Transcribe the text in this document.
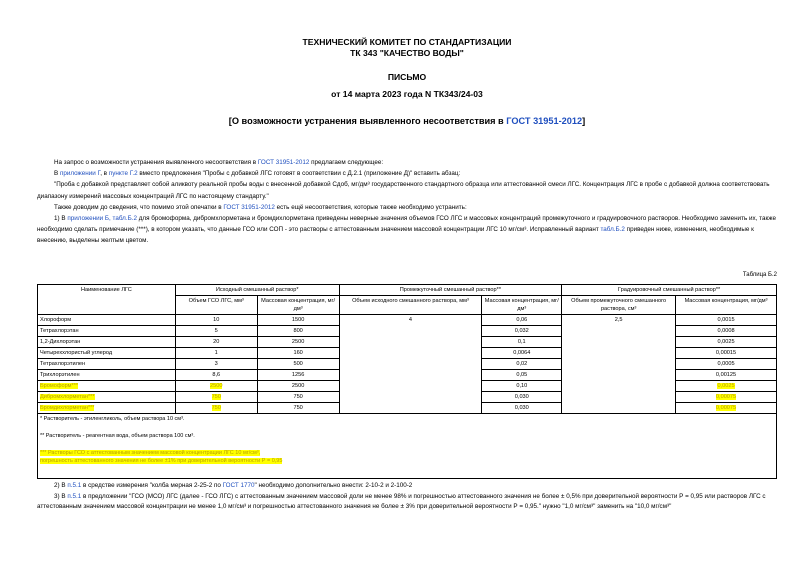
ТЕХНИЧЕСКИЙ КОМИТЕТ ПО СТАНДАРТИЗАЦИИ
ТК 343 "КАЧЕСТВО ВОДЫ"
ПИСЬМО
от 14 марта 2023 года N ТК343/24-03
[О возможности устранения выявленного несоответствия в ГОСТ 31951-2012]
На запрос о возможности устранения выявленного несоответствия в ГОСТ 31951-2012 предлагаем следующее:
В приложении Г, в пункте Г.2 вместо предложения "Пробы с добавкой ЛГС готовят в соответствии с Д.2.1 (приложение Д)" вставить абзац:
"Проба с добавкой представляет собой аликвоту реальной пробы воды с внесенной добавкой Сдоб, мг/дм³ государственного стандартного образца или аттестованной смеси ЛГС. Концентрация ЛГС в пробе с добавкой должна соответствовать диапазону измерений массовых концентраций ЛГС по настоящему стандарту."
Также доводим до сведения, что помимо этой опечатки в ГОСТ 31951-2012 есть ещё несоответствия, которые также необходимо устранить:
1) В приложении Б, табл.Б.2 для бромоформа, дибромхлорметана и бромдихлорметана приведены неверные значения объемов ГСО ЛГС и массовых концентраций промежуточного и градуировочного растворов. Необходимо заменить их, также необходимо сделать примечание (***), в котором указать, что данные ГСО или СОП - это растворы с аттестованным значением массовой концентрации ЛГС 10 мг/см³. Исправленный вариант табл.Б.2 приведен ниже, изменения, необходимые к внесению, выделены желтым цветом.
Таблица Б.2
Наименование ЛГС	Исходный смешанный раствор*		Промежуточный смешанный раствор**		Градуировочный смешанный раствор**	
	Объем ГСО ЛГС, мм³	Массовая концентрация, мг/дм³	Объем исходного смешанного раствора, мм³	Массовая концентрация, мг/дм³	Объем промежуточного смешанного раствора, см³	Массовая концентрация, мг/дм³
Хлороформ	10	1500	4	0,06	2,5	0,0015
Тетрахлорэтан	5	800		0,032		0,0008
1,2-Дихлорэтан	20	2500		0,1		0,0025
Четыреххлористый углерод	1	160		0,0064		0,00015
Тетрахлорэтилен	3	500		0,02		0,0005
Трихлорэтилен	8,6	1256		0,05		0,00125
Бромоформ***	2500	2500		0,10		0,0025
Дибромхлорметан***	750	750		0,030		0,00075
Бромдихлорметан***	750	750		0,030		0,00075

* Растворитель - этиленгликоль, объем раствора 10 см³.
** Растворитель - реагентная вода, объем раствора 100 см³.
*** Растворы ГСО с аттестованным значением массовой концентрации ЛГС 10 мг/см³,
погрешность аттестованного значения не более ±1% при доверительной вероятности Р = 0,95						
2) В п.5.1 в средстве измерения "колба мерная 2-25-2 по ГОСТ 1770" необходимо дополнительно внести: 2-10-2 и 2-100-2
3) В п.5.1 в предложении "ГСО (МСО) ЛГС (далее - ГСО ЛГС) с аттестованным значением массовой доли не менее 98% и погрешностью аттестованного значения не более ± 0,5% при доверительной вероятности Р = 0,95 или растворов ЛГС с аттестованным значением массовой концентрации не менее 1,0 мг/см³ и погрешностью аттестованного значения не более ± 3% при доверительной вероятности Р = 0,95." нужно "1,0 мг/см³" заменить на "10,0 мг/см³"
